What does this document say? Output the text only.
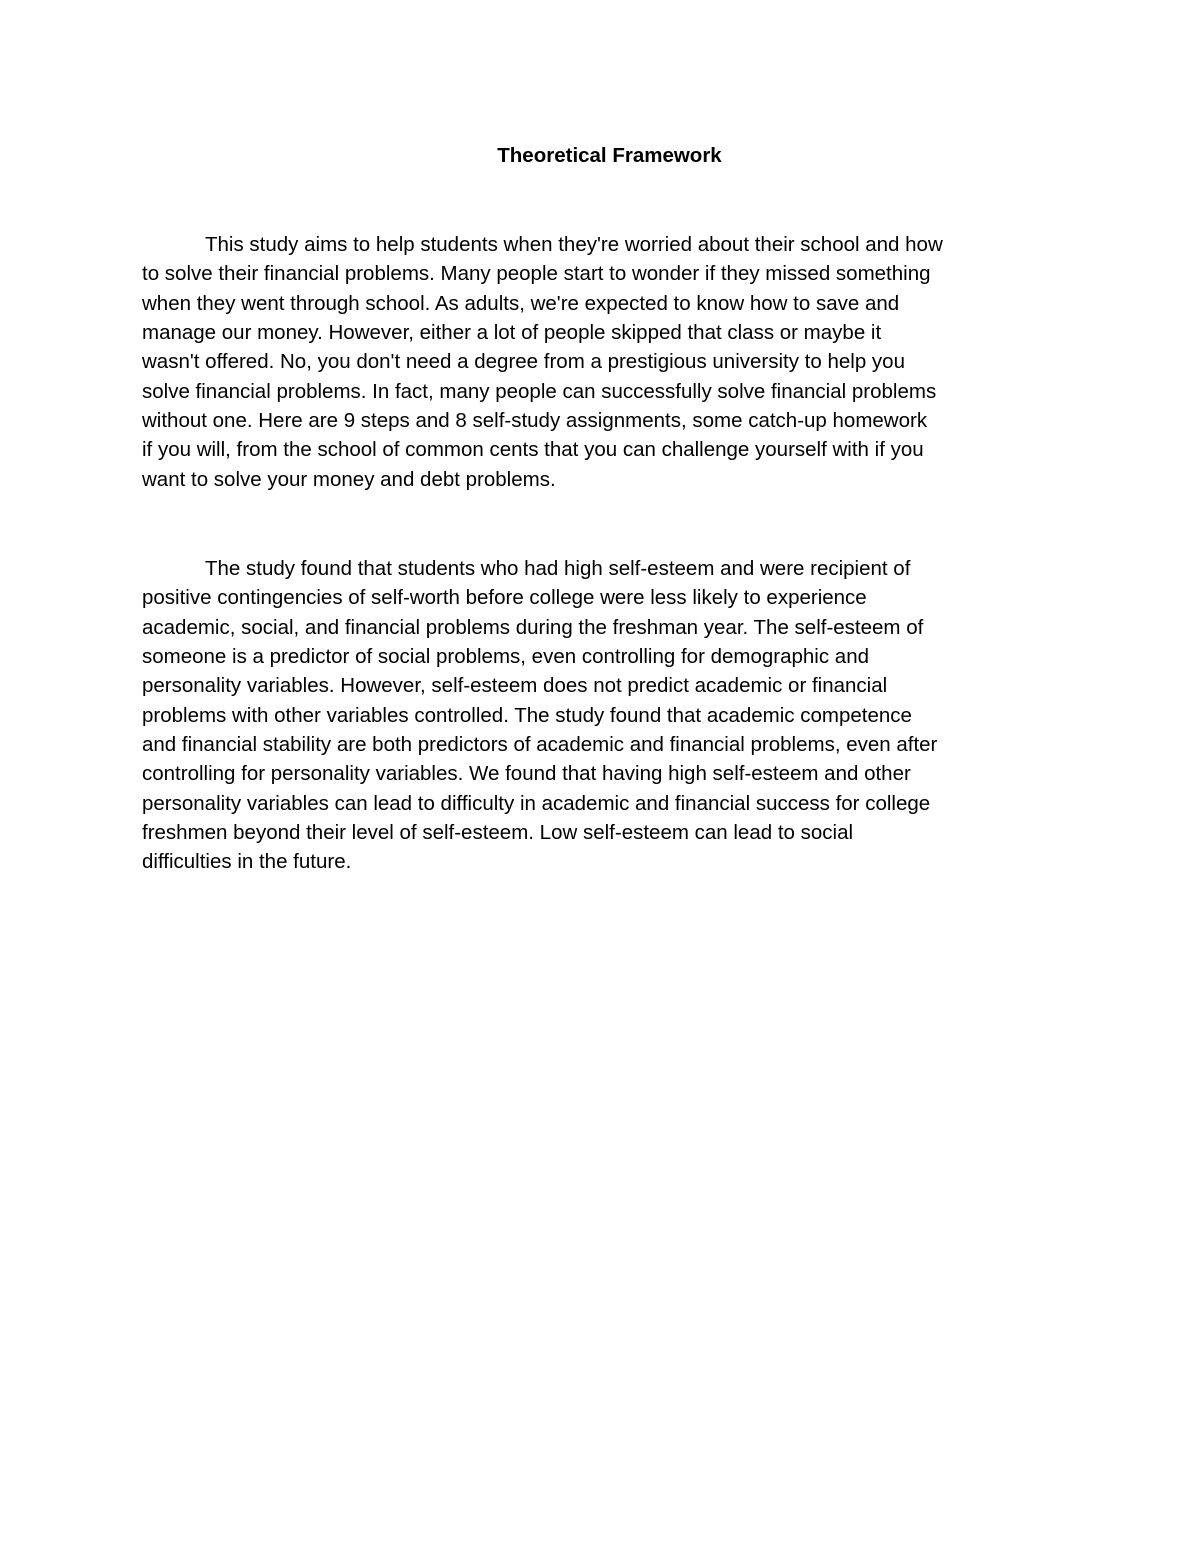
Theoretical Framework
This study aims to help students when they're worried about their school and how
to solve their financial problems. Many people start to wonder if they missed something
when they went through school. As adults, we're expected to know how to save and
manage our money. However, either a lot of people skipped that class or maybe it
wasn't offered. No, you don't need a degree from a prestigious university to help you
solve financial problems. In fact, many people can successfully solve financial problems
without one. Here are 9 steps and 8 self-study assignments, some catch-up homework
if you will, from the school of common cents that you can challenge yourself with if you
want to solve your money and debt problems.
The study found that students who had high self-esteem and were recipient of
positive contingencies of self-worth before college were less likely to experience
academic, social, and financial problems during the freshman year. The self-esteem of
someone is a predictor of social problems, even controlling for demographic and
personality variables. However, self-esteem does not predict academic or financial
problems with other variables controlled. The study found that academic competence
and financial stability are both predictors of academic and financial problems, even after
controlling for personality variables. We found that having high self-esteem and other
personality variables can lead to difficulty in academic and financial success for college
freshmen beyond their level of self-esteem. Low self-esteem can lead to social
difficulties in the future.
